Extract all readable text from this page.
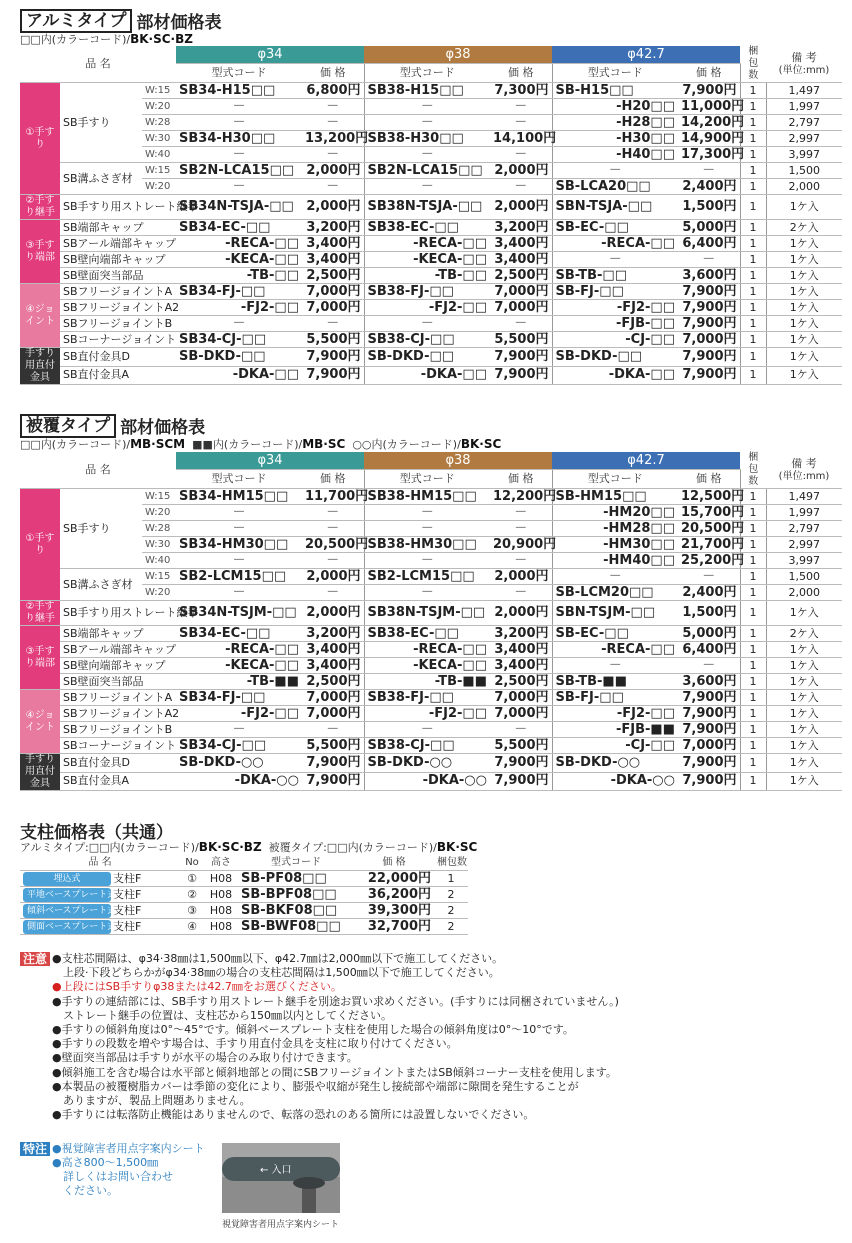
アルミタイプ 部材価格表
□□内(カラーコード)/BK·SC·BZ
品 名			φ34		φ38		φ42.7		梱包数	備 考
(単位:mm)

			型式コード	価 格	型式コード	価 格	型式コード	価 格		
①手すり	SB手すり	W:15	SB34-H15□□	6,800円	SB38-H15□□	7,300円	SB-H15□□	7,900円	1	1,497
		W:20	－	－	－	－	-H20□□	11,000円	1	1,997
		W:28	－	－	－	－	-H28□□	14,200円	1	2,797
		W:30	SB34-H30□□	13,200円	SB38-H30□□	14,100円	-H30□□	14,900円	1	2,997
		W:40	－	－	－	－	-H40□□	17,300円	1	3,997
	SB溝ふさぎ材	W:15	SB2N-LCA15□□	2,000円	SB2N-LCA15□□	2,000円	－	－	1	1,500
		W:20	－	－	－	－	SB-LCA20□□	2,400円	1	2,000
②手すり継手	SB手すり用ストレート継手		SB34N-TSJA-□□	2,000円	SB38N-TSJA-□□	2,000円	SBN-TSJA-□□	1,500円	1	1ケ入
③手すり端部	SB端部キャップ		SB34-EC-□□	3,200円	SB38-EC-□□	3,200円	SB-EC-□□	5,000円	1	2ケ入
	SBアール端部キャップ		-RECA-□□	3,400円	-RECA-□□	3,400円	-RECA-□□	6,400円	1	1ケ入
	SB壁向端部キャップ		-KECA-□□	3,400円	-KECA-□□	3,400円	－	－	1	1ケ入
	SB壁面突当部品		-TB-□□	2,500円	-TB-□□	2,500円	SB-TB-□□	3,600円	1	1ケ入
④ジョイント	SBフリージョイントA		SB34-FJ-□□	7,000円	SB38-FJ-□□	7,000円	SB-FJ-□□	7,900円	1	1ケ入
	SBフリージョイントA2		-FJ2-□□	7,000円	-FJ2-□□	7,000円	-FJ2-□□	7,900円	1	1ケ入
	SBフリージョイントB		－	－	－	－	-FJB-□□	7,900円	1	1ケ入
	SBコーナージョイント		SB34-CJ-□□	5,500円	SB38-CJ-□□	5,500円	-CJ-□□	7,000円	1	1ケ入
手すり用直付金具	SB直付金具D		SB-DKD-□□	7,900円	SB-DKD-□□	7,900円	SB-DKD-□□	7,900円	1	1ケ入
	SB直付金具A		-DKA-□□	7,900円	-DKA-□□	7,900円	-DKA-□□	7,900円	1	1ケ入
被覆タイプ 部材価格表
□□内(カラーコード)/MB·SCM ■■内(カラーコード)/MB·SC ○○内(カラーコード)/BK·SC
品 名			φ34		φ38		φ42.7		梱包数	備 考
(単位:mm)

			型式コード	価 格	型式コード	価 格	型式コード	価 格		
①手すり	SB手すり	W:15	SB34-HM15□□	11,700円	SB38-HM15□□	12,200円	SB-HM15□□	12,500円	1	1,497
		W:20	－	－	－	－	-HM20□□	15,700円	1	1,997
		W:28	－	－	－	－	-HM28□□	20,500円	1	2,797
		W:30	SB34-HM30□□	20,500円	SB38-HM30□□	20,900円	-HM30□□	21,700円	1	2,997
		W:40	－	－	－	－	-HM40□□	25,200円	1	3,997
	SB溝ふさぎ材	W:15	SB2-LCM15□□	2,000円	SB2-LCM15□□	2,000円	－	－	1	1,500
		W:20	－	－	－	－	SB-LCM20□□	2,400円	1	2,000
②手すり継手	SB手すり用ストレート継手		SB34N-TSJM-□□	2,000円	SB38N-TSJM-□□	2,000円	SBN-TSJM-□□	1,500円	1	1ケ入
③手すり端部	SB端部キャップ		SB34-EC-□□	3,200円	SB38-EC-□□	3,200円	SB-EC-□□	5,000円	1	2ケ入
	SBアール端部キャップ		-RECA-□□	3,400円	-RECA-□□	3,400円	-RECA-□□	6,400円	1	1ケ入
	SB壁向端部キャップ		-KECA-□□	3,400円	-KECA-□□	3,400円	－	－	1	1ケ入
	SB壁面突当部品		-TB-■■	2,500円	-TB-■■	2,500円	SB-TB-■■	3,600円	1	1ケ入
④ジョイント	SBフリージョイントA		SB34-FJ-□□	7,000円	SB38-FJ-□□	7,000円	SB-FJ-□□	7,900円	1	1ケ入
	SBフリージョイントA2		-FJ2-□□	7,000円	-FJ2-□□	7,000円	-FJ2-□□	7,900円	1	1ケ入
	SBフリージョイントB		－	－	－	－	-FJB-■■	7,900円	1	1ケ入
	SBコーナージョイント		SB34-CJ-□□	5,500円	SB38-CJ-□□	5,500円	-CJ-□□	7,000円	1	1ケ入
手すり用直付金具	SB直付金具D		SB-DKD-○○	7,900円	SB-DKD-○○	7,900円	SB-DKD-○○	7,900円	1	1ケ入
	SB直付金具A		-DKA-○○	7,900円	-DKA-○○	7,900円	-DKA-○○	7,900円	1	1ケ入
支柱価格表（共通）
アルミタイプ:□□内(カラーコード)/BK·SC·BZ 被覆タイプ:□□内(カラーコード)/BK·SC
品 名		No	高さ	型式コード	価 格	梱包数
埋込式	支柱F	①	H08	SB-PF08□□	22,000円	1
平地ベースプレート式	支柱F	②	H08	SB-BPF08□□	36,200円	2
傾斜ベースプレート式	支柱F	③	H08	SB-BKF08□□	39,300円	2
側面ベースプレート式	支柱F	④	H08	SB-BWF08□□	32,700円	2
注意 ●支柱芯間隔は、φ34·38㎜は1,500㎜以下、φ42.7㎜は2,000㎜以下で施工してください。
　上段·下段どちらかがφ34·38㎜の場合の支柱芯間隔は1,500㎜以下で施工してください。
●上段にはSB手すりφ38または42.7㎜をお選びください。
●手すりの連結部には、SB手すり用ストレート継手を別途お買い求めください。(手すりには同梱されていません。)
　ストレート継手の位置は、支柱芯から150㎜以内としてください。
●手すりの傾斜角度は0°～45°です。傾斜ベースプレート支柱を使用した場合の傾斜角度は0°～10°です。
●手すりの段数を増やす場合は、手すり用直付金具を支柱に取り付けてください。
●壁面突当部品は手すりが水平の場合のみ取り付けできます。
●傾斜施工を含む場合は水平部と傾斜地部との間にSBフリージョイントまたはSB傾斜コーナー支柱を使用します。
●本製品の被覆樹脂カバーは季節の変化により、膨張や収縮が発生し接続部や端部に隙間を発生することが
　ありますが、製品上問題ありません。
●手すりには転落防止機能はありませんので、転落の恐れのある箇所には設置しないでください。
特注 ●視覚障害者用点字案内シート
●高さ800～1,500㎜
　詳しくはお問い合わせ
　ください。
← 入口
視覚障害者用点字案内シート
